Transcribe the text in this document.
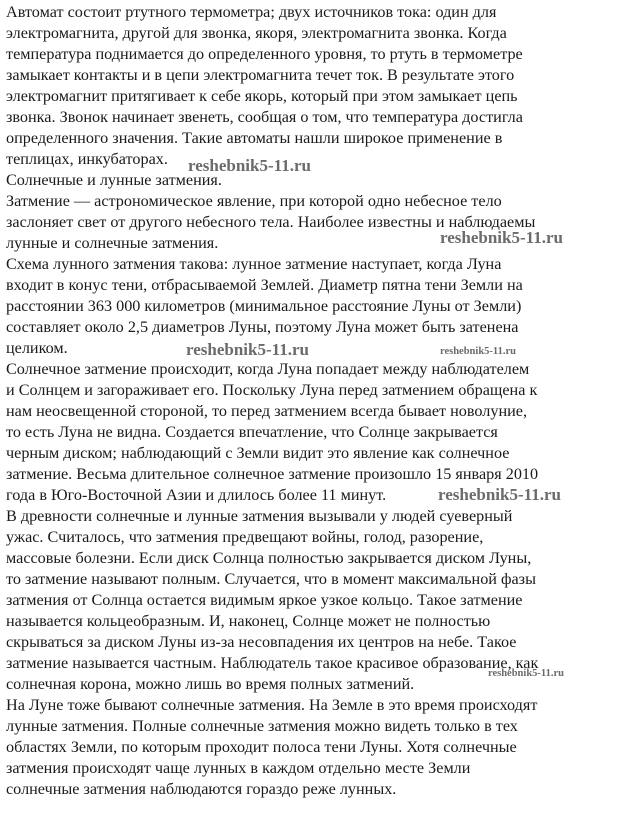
Автомат состоит ртутного термометра; двух источников тока: один для
электромагнита, другой для звонка, якоря, электромагнита звонка. Когда
температура поднимается до определенного уровня, то ртуть в термометре
замыкает контакты и в цепи электромагнита течет ток. В результате этого
электромагнит притягивает к себе якорь, который при этом замыкает цепь
звонка. Звонок начинает звенеть, сообщая о том, что температура достигла
определенного значения. Такие автоматы нашли широкое применение в
теплицах, инкубаторах.
Солнечные и лунные затмения.
Затмение — астрономическое явление, при которой одно небесное тело
заслоняет свет от другого небесного тела. Наиболее известны и наблюдаемы
лунные и солнечные затмения.
Схема лунного затмения такова: лунное затмение наступает, когда Луна
входит в конус тени, отбрасываемой Землей. Диаметр пятна тени Земли на
расстоянии 363 000 километров (минимальное расстояние Луны от Земли)
составляет около 2,5 диаметров Луны, поэтому Луна может быть затенена
целиком.
Солнечное затмение происходит, когда Луна попадает между наблюдателем
и Солнцем и загораживает его. Поскольку Луна перед затмением обращена к
нам неосвещенной стороной, то перед затмением всегда бывает новолуние,
то есть Луна не видна. Создается впечатление, что Солнце закрывается
черным диском; наблюдающий с Земли видит это явление как солнечное
затмение. Весьма длительное солнечное затмение произошло 15 января 2010
года в Юго-Восточной Азии и длилось более 11 минут.
В древности солнечные и лунные затмения вызывали у людей суеверный
ужас. Считалось, что затмения предвещают войны, голод, разорение,
массовые болезни. Если диск Солнца полностью закрывается диском Луны,
то затмение называют полным. Случается, что в момент максимальной фазы
затмения от Солнца остается видимым яркое узкое кольцо. Такое затмение
называется кольцеобразным. И, наконец, Солнце может не полностью
скрываться за диском Луны из-за несовпадения их центров на небе. Такое
затмение называется частным. Наблюдатель такое красивое образование, как
солнечная корона, можно лишь во время полных затмений.
На Луне тоже бывают солнечные затмения. На Земле в это время происходят
лунные затмения. Полные солнечные затмения можно видеть только в тех
областях Земли, по которым проходит полоса тени Луны. Хотя солнечные
затмения происходят чаще лунных в каждом отдельно месте Земли
солнечные затмения наблюдаются гораздо реже лунных.
reshebnik5-11.ru
reshebnik5-11.ru
reshebnik5-11.ru	reshebnik5-11.ru
reshebnik5-11.ru
reshebnik5-11.ru
